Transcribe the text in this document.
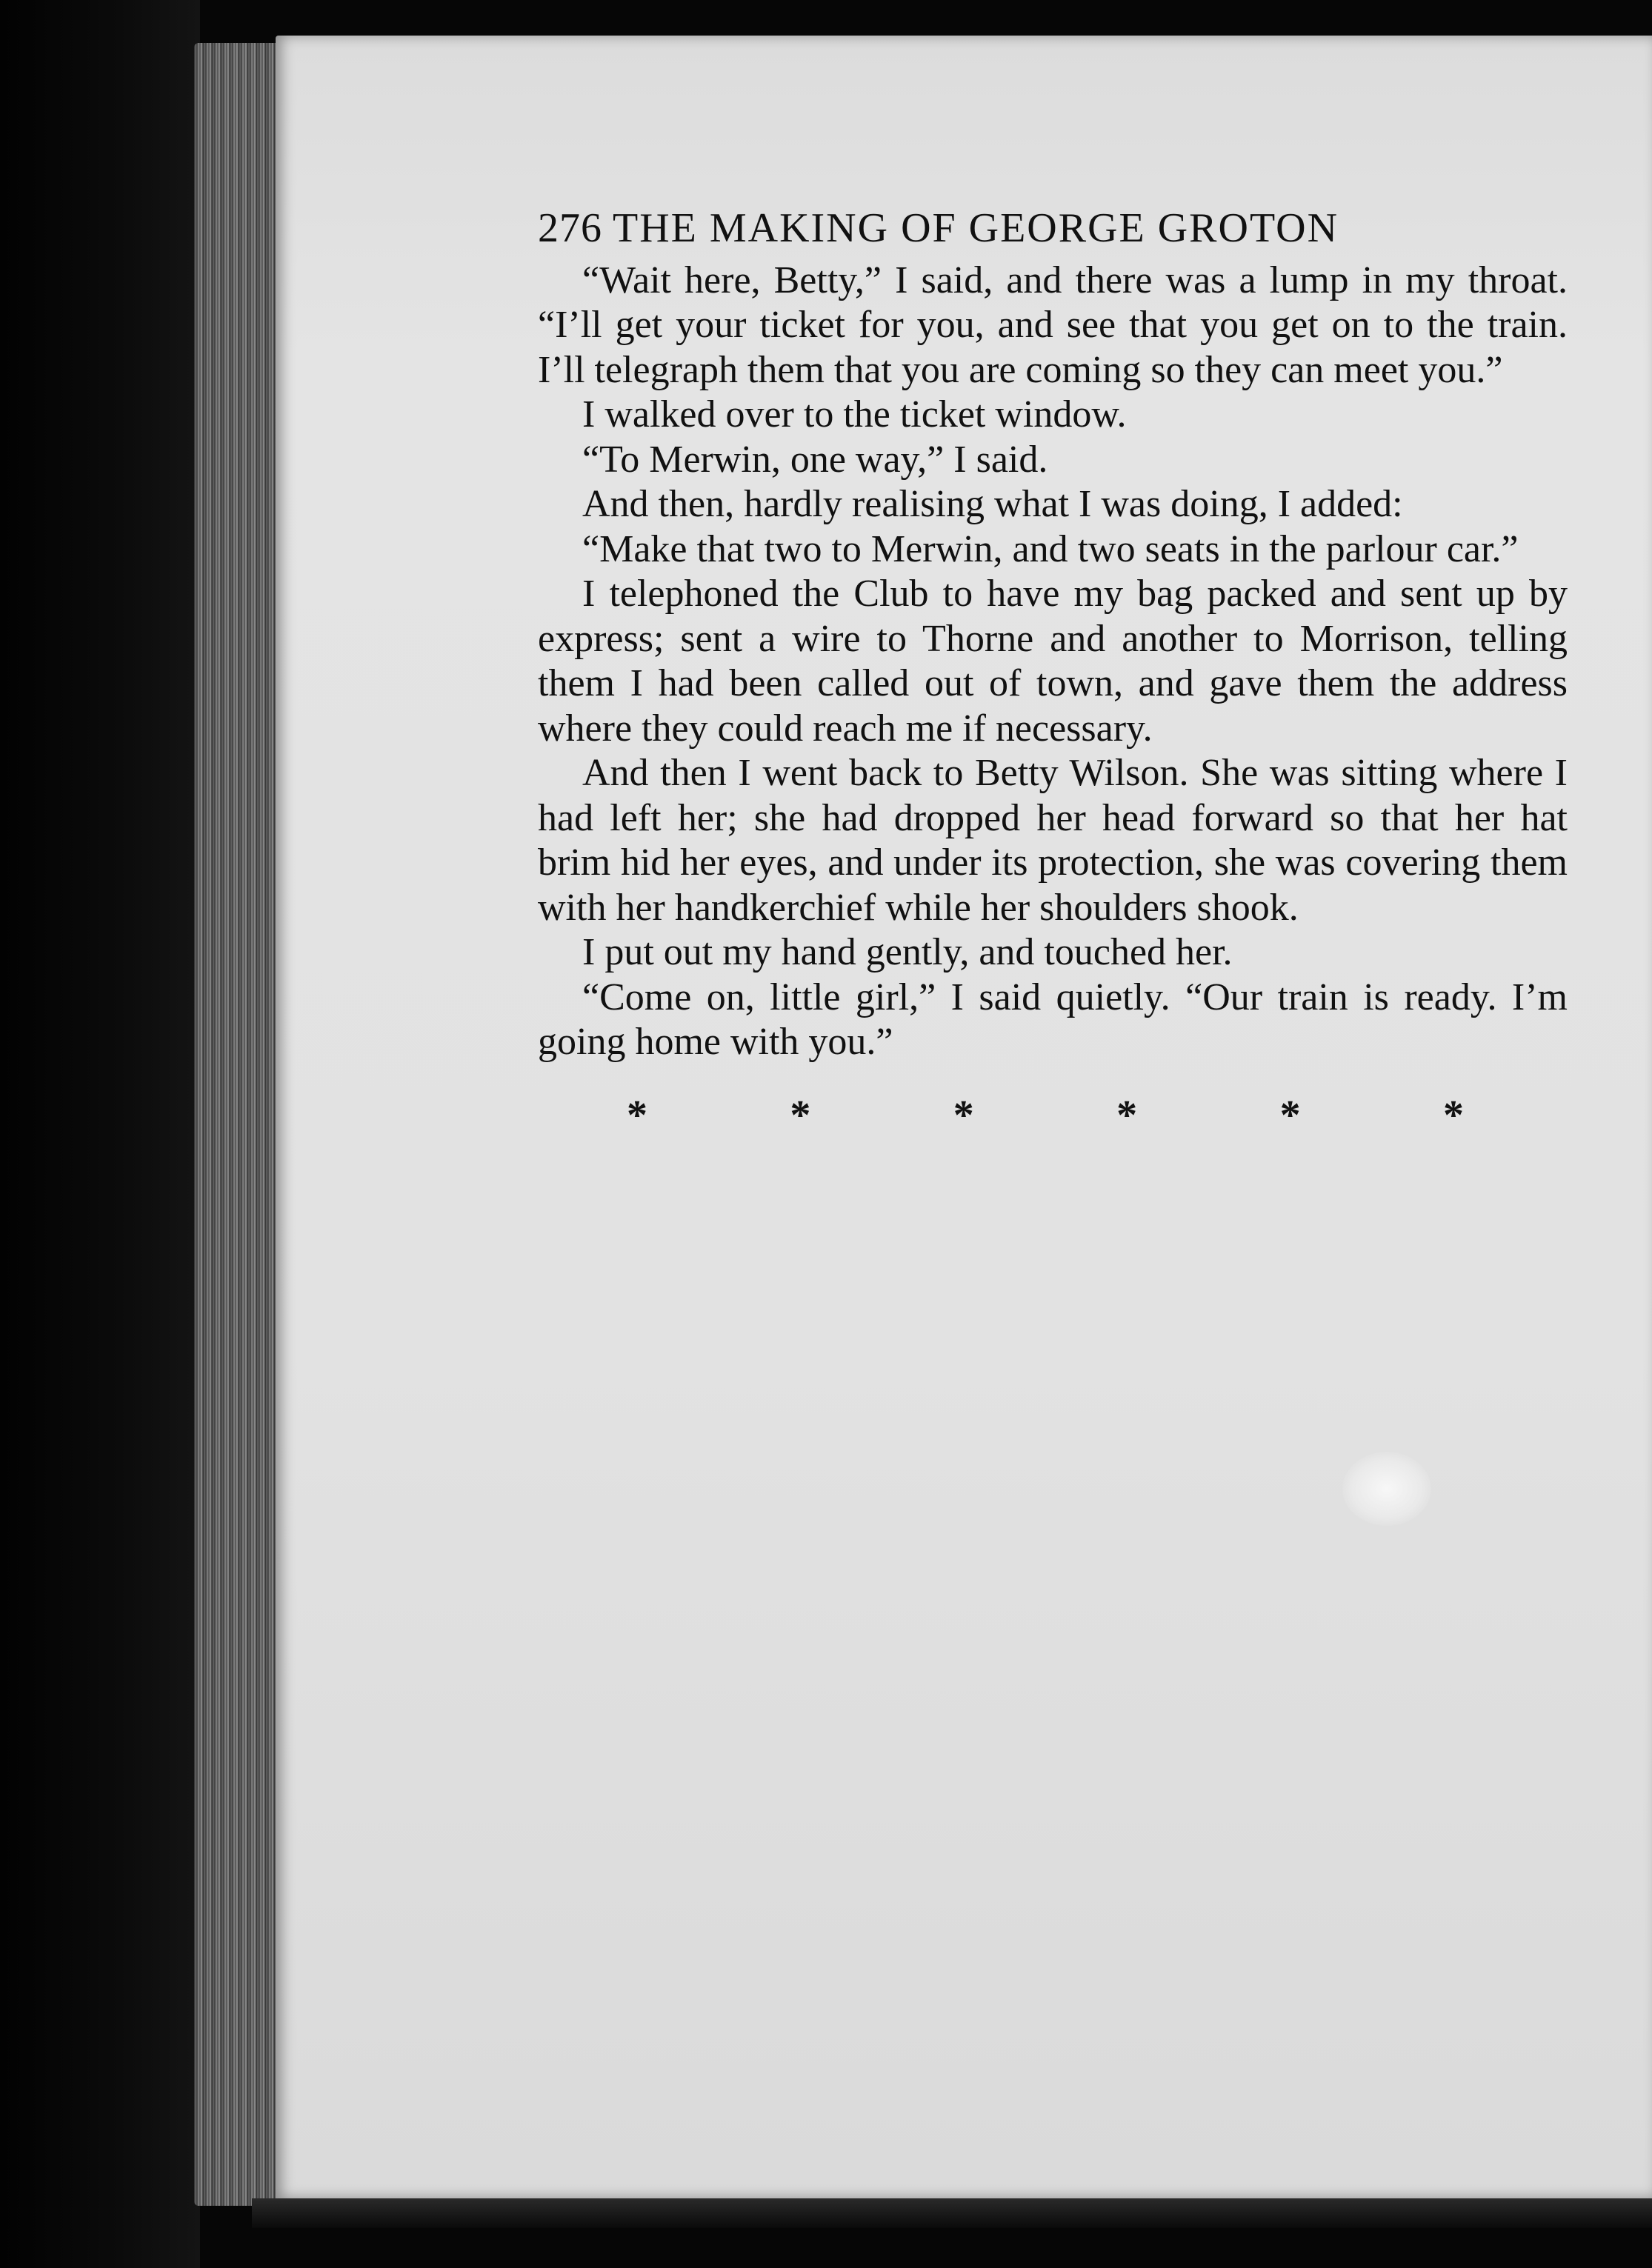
276 THE MAKING OF GEORGE GROTON

“Wait here, Betty,” I said, and there was a lump in my throat. “I’ll get your ticket for you, and see that you get on to the train. I’ll telegraph them that you are coming so they can meet you.”

I walked over to the ticket window.

“To Merwin, one way,” I said.

And then, hardly realising what I was doing, I added:

“Make that two to Merwin, and two seats in the parlour car.”

I telephoned the Club to have my bag packed and sent up by express; sent a wire to Thorne and another to Morrison, telling them I had been called out of town, and gave them the address where they could reach me if necessary.

And then I went back to Betty Wilson. She was sitting where I had left her; she had dropped her head forward so that her hat brim hid her eyes, and under its protection, she was covering them with her handkerchief while her shoulders shook.

I put out my hand gently, and touched her.

“Come on, little girl,” I said quietly. “Our train is ready. I’m going home with you.”

*	*	*	*	*	*
